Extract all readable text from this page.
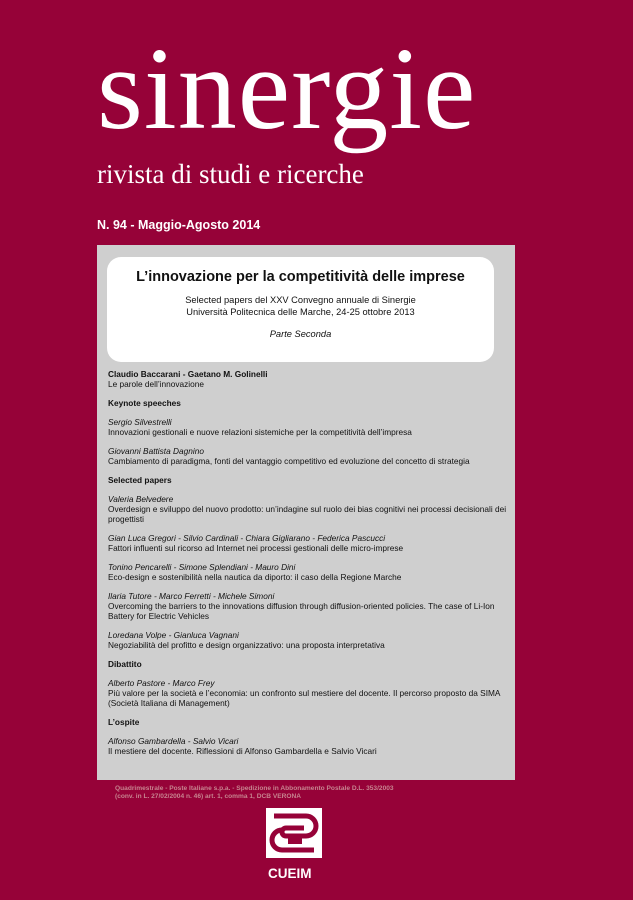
sinergie
rivista di studi e ricerche
N. 94 - Maggio-Agosto 2014
L’innovazione per la competitività delle imprese
Selected papers del XXV Convegno annuale di Sinergie
Università Politecnica delle Marche, 24-25 ottobre 2013
Parte Seconda
Claudio Baccarani - Gaetano M. Golinelli
Le parole dell’innovazione
Keynote speeches
Sergio Silvestrelli
Innovazioni gestionali e nuove relazioni sistemiche per la competitività dell’impresa
Giovanni Battista Dagnino
Cambiamento di paradigma, fonti del vantaggio competitivo ed evoluzione del concetto di strategia
Selected papers
Valeria Belvedere
Overdesign e sviluppo del nuovo prodotto: un’indagine sul ruolo dei bias cognitivi nei processi decisionali dei progettisti
Gian Luca Gregori - Silvio Cardinali - Chiara Gigliarano - Federica Pascucci
Fattori influenti sul ricorso ad Internet nei processi gestionali delle micro-imprese
Tonino Pencarelli - Simone Splendiani - Mauro Dini
Eco-design e sostenibilità nella nautica da diporto: il caso della Regione Marche
Ilaria Tutore - Marco Ferretti - Michele Simoni
Overcoming the barriers to the innovations diffusion through diffusion-oriented policies. The case of Li-Ion Battery for Electric Vehicles
Loredana Volpe - Gianluca Vagnani
Negoziabilità del profitto e design organizzativo: una proposta interpretativa
Dibattito
Alberto Pastore - Marco Frey
Più valore per la società e l’economia: un confronto sul mestiere del docente. Il percorso proposto da SIMA (Società Italiana di Management)
L’ospite
Alfonso Gambardella - Salvio Vicari
Il mestiere del docente. Riflessioni di Alfonso Gambardella e Salvio Vicari
Quadrimestrale - Poste Italiane s.p.a. - Spedizione in Abbonamento Postale D.L. 353/2003
(conv. in L. 27/02/2004 n. 46) art. 1, comma 1, DCB VERONA
CUEIM
